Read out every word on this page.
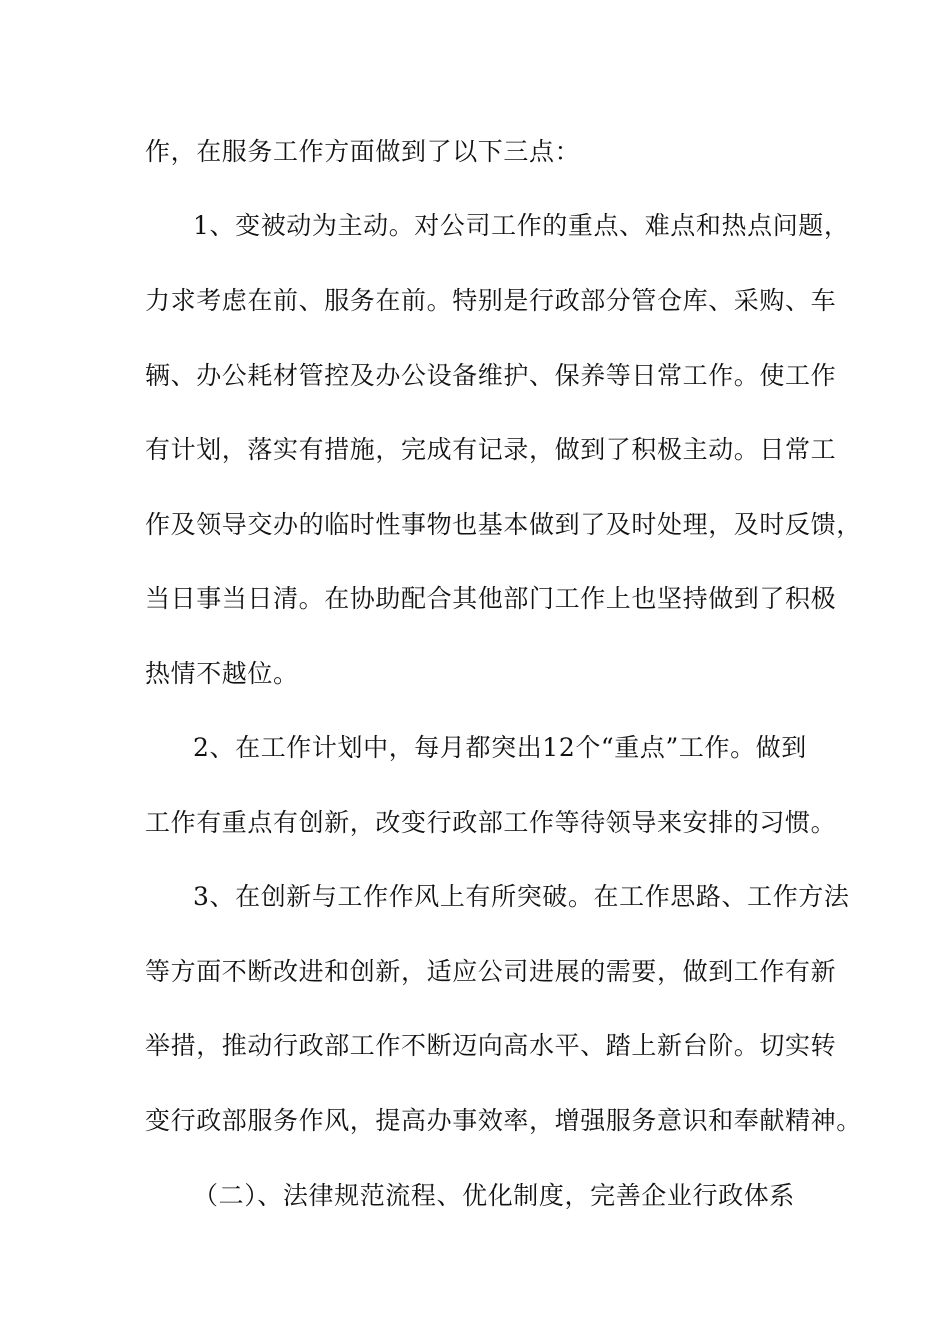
作，在服务工作方面做到了以下三点：
1、变被动为主动。对公司工作的重点、难点和热点问题，
力求考虑在前、服务在前。特别是行政部分管仓库、采购、车
辆、办公耗材管控及办公设备维护、保养等日常工作。使工作
有计划，落实有措施，完成有记录，做到了积极主动。日常工
作及领导交办的临时性事物也基本做到了及时处理，及时反馈，
当日事当日清。在协助配合其他部门工作上也坚持做到了积极
热情不越位。
2、在工作计划中，每月都突出12个“重点”工作。做到
工作有重点有创新，改变行政部工作等待领导来安排的习惯。
3、在创新与工作作风上有所突破。在工作思路、工作方法
等方面不断改进和创新，适应公司进展的需要，做到工作有新
举措，推动行政部工作不断迈向高水平、踏上新台阶。切实转
变行政部服务作风，提高办事效率，增强服务意识和奉献精神。
（二）、法律规范流程、优化制度，完善企业行政体系
